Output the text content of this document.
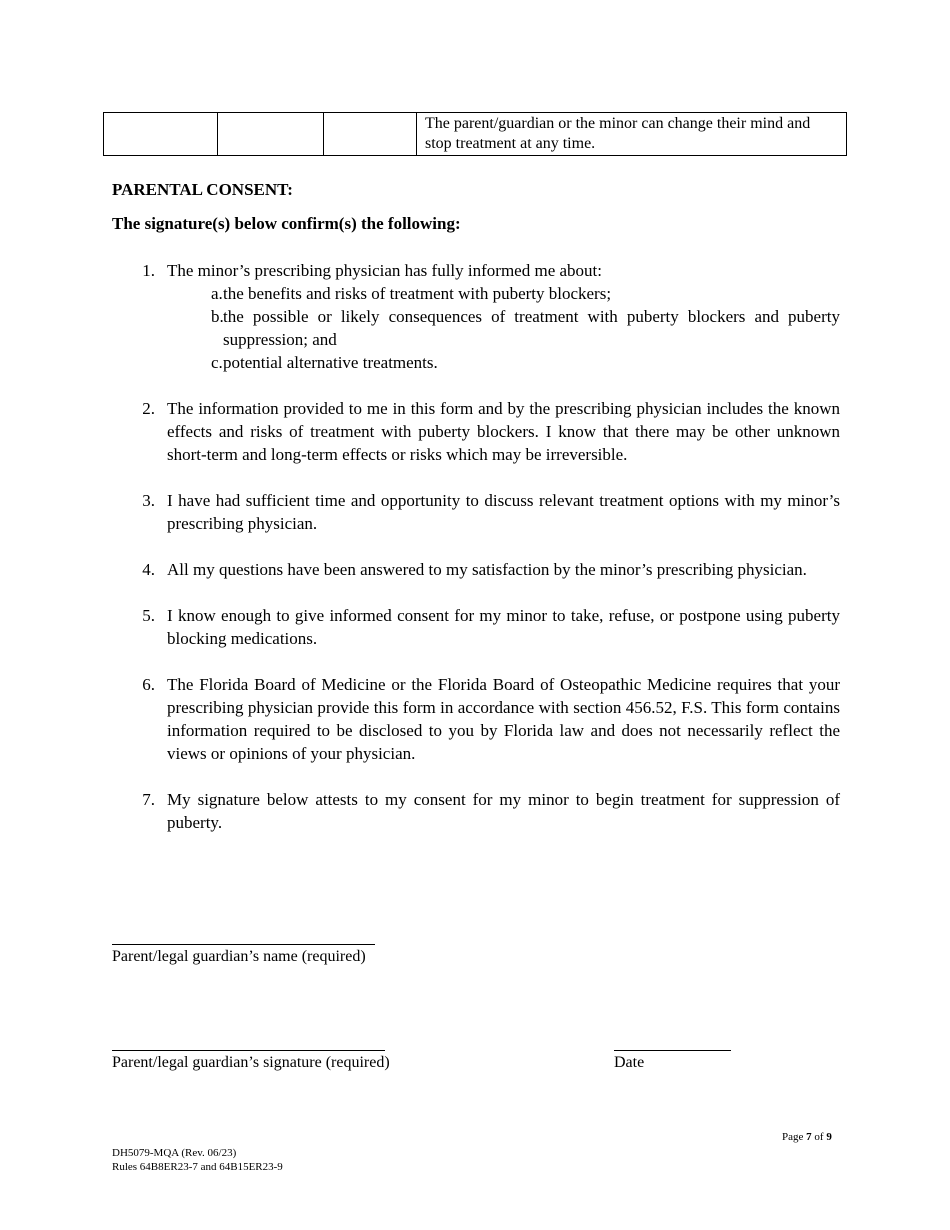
			The parent/guardian or the minor can change their mind and stop treatment at any time.
PARENTAL CONSENT:
The signature(s) below confirm(s) the following:
1. The minor’s prescribing physician has fully informed me about:
a. the benefits and risks of treatment with puberty blockers;
b. the possible or likely consequences of treatment with puberty blockers and puberty suppression; and
c. potential alternative treatments.
2. The information provided to me in this form and by the prescribing physician includes the known effects and risks of treatment with puberty blockers. I know that there may be other unknown short-term and long-term effects or risks which may be irreversible.
3. I have had sufficient time and opportunity to discuss relevant treatment options with my minor’s prescribing physician.
4. All my questions have been answered to my satisfaction by the minor’s prescribing physician.
5. I know enough to give informed consent for my minor to take, refuse, or postpone using puberty blocking medications.
6. The Florida Board of Medicine or the Florida Board of Osteopathic Medicine requires that your prescribing physician provide this form in accordance with section 456.52, F.S. This form contains information required to be disclosed to you by Florida law and does not necessarily reflect the views or opinions of your physician.
7. My signature below attests to my consent for my minor to begin treatment for suppression of puberty.
Parent/legal guardian’s name (required)
Parent/legal guardian’s signature (required)	Date
Page 7 of 9
DH5079-MQA (Rev. 06/23)
Rules 64B8ER23-7 and 64B15ER23-9
